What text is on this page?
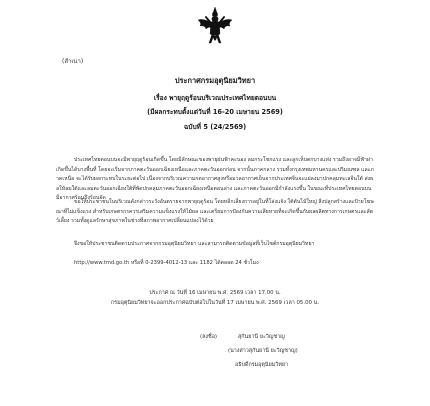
(สำเนา)
ประกาศกรมอุตุนิยมวิทยา
เรื่อง พายุฤดูร้อนบริเวณประเทศไทยตอนบน
(มีผลกระทบตั้งแต่วันที่ 16-20 เมษายน 2569)
ฉบับที่ 5 (24/2569)
ประเทศไทยตอนบนจะมีพายุฤดูร้อนเกิดขึ้น โดยมีลักษณะของพายุฝนฟ้าคะนอง ลมกระโชกแรง และลูกเห็บตกบางแห่ง รวมถึงอาจมีฟ้าผ่าเกิดขึ้นได้บางพื้นที่ โดยจะเริ่มจากภาคตะวันออกเฉียงเหนือและภาคตะวันออกก่อน จากนั้นภาคกลาง รวมทั้งกรุงเทพมหานครและปริมณฑล และภาคเหนือ จะได้รับผลกระทบในระยะต่อไป เนื่องจากบริเวณความกดอากาศสูงหรือมวลอากาศเย็นจากประเทศจีนจะแผ่ลงมาปกคลุมทะเลจีนใต้ ส่งผลให้ลมใต้และลมตะวันออกเฉียงใต้ที่พัดปกคลุมภาคตะวันออกเฉียงเหนือตอนล่าง และภาคตะวันออกมีกำลังแรงขึ้น ในขณะที่ประเทศไทยตอนบนมีอากาศร้อนถึงร้อนจัด
ขอให้ประชาชนในบริเวณดังกล่าวระวังอันตรายจากพายุฤดูร้อน โดยหลีกเลี่ยงการอยู่ในที่โล่งแจ้ง ใต้ต้นไม้ใหญ่ สิ่งปลูกสร้างและป้ายโฆษณาที่ไม่แข็งแรง สำหรับเกษตรกรควรเสริมความแข็งแรงให้ไม้ผล และเตรียมการป้องกันความเสียหายที่จะเกิดขึ้นกับผลผลิตทางการเกษตรและสัตว์เลี้ยง รวมทั้งดูแลรักษาสุขภาพในช่วงที่สภาพอากาศเปลี่ยนแปลงไว้ด้วย
จึงขอให้ประชาชนติดตามประกาศจากกรมอุตุนิยมวิทยา และสามารถติดตามข้อมูลที่เว็บไซต์กรมอุตุนิยมวิทยา
http://www.tmd.go.th หรือที่ 0-2399-4012-13 และ 1182 ได้ตลอด 24 ชั่วโมง
ประกาศ ณ วันที่ 16 เมษายน พ.ศ. 2569 เวลา 17.00 น.
กรมอุตุนิยมวิทยาจะออกประกาศฉบับต่อไปในวันที่ 17 เมษายน พ.ศ. 2569 เวลา 05.00 น.
(ลงชื่อ)	สุกันยานี ยะวิญชาญ
(นางสาวสุกันยานี ยะวิญชาญ)
อธิบดีกรมอุตุนิยมวิทยา
